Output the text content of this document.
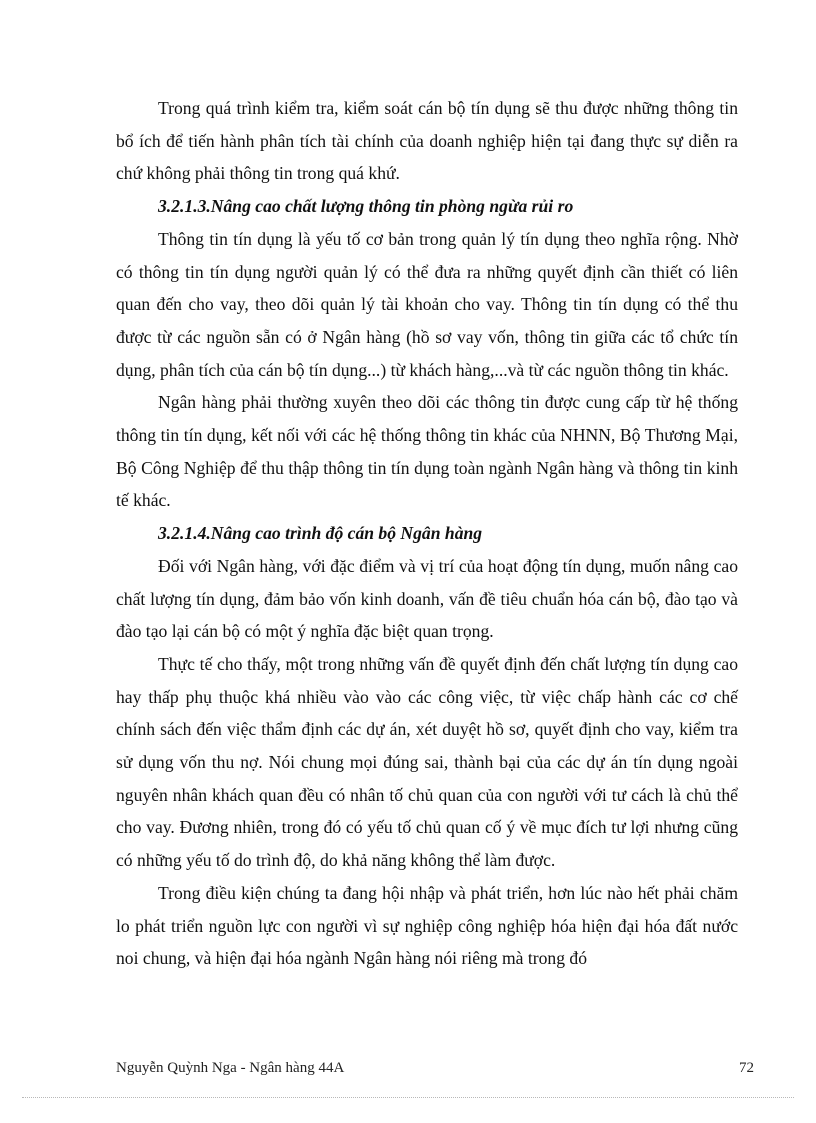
Trong quá trình kiểm tra, kiểm soát cán bộ tín dụng sẽ thu được những thông tin bổ ích để tiến hành phân tích tài chính của doanh nghiệp hiện tại đang thực sự diễn ra chứ không phải thông tin trong quá khứ.

3.2.1.3.Nâng cao chất lượng thông tin phòng ngừa rủi ro

Thông tin tín dụng là yếu tố cơ bản trong quản lý tín dụng theo nghĩa rộng. Nhờ có thông tin tín dụng người quản lý có thể đưa ra những quyết định cần thiết có liên quan đến cho vay, theo dõi quản lý tài khoản cho vay. Thông tin tín dụng có thể thu được từ các nguồn sẵn có ở Ngân hàng (hồ sơ vay vốn, thông tin giữa các tổ chức tín dụng, phân tích của cán bộ tín dụng...) từ khách hàng,...và từ các nguồn thông tin khác.

Ngân hàng phải thường xuyên theo dõi các thông tin được cung cấp từ hệ thống thông tin tín dụng, kết nối với các hệ thống thông tin khác của NHNN, Bộ Thương Mại, Bộ Công Nghiệp để thu thập thông tin tín dụng toàn ngành Ngân hàng và thông tin kinh tế khác.

3.2.1.4.Nâng cao trình độ cán bộ Ngân hàng

Đối với Ngân hàng, với đặc điểm và vị trí của hoạt động tín dụng, muốn nâng cao chất lượng tín dụng, đảm bảo vốn kinh doanh, vấn đề tiêu chuẩn hóa cán bộ, đào tạo và đào tạo lại cán bộ có một ý nghĩa đặc biệt quan trọng.

Thực tế cho thấy, một trong những vấn đề quyết định đến chất lượng tín dụng cao hay thấp phụ thuộc khá nhiều vào vào các công việc, từ việc chấp hành các cơ chế chính sách đến việc thẩm định các dự án, xét duyệt hồ sơ, quyết định cho vay, kiểm tra sử dụng vốn thu nợ. Nói chung mọi đúng sai, thành bại của các dự án tín dụng ngoài nguyên nhân khách quan đều có nhân tố chủ quan của con người với tư cách là chủ thể cho vay. Đương nhiên, trong đó có yếu tố chủ quan cố ý về mục đích tư lợi nhưng cũng có những yếu tố do trình độ, do khả năng không thể làm được.

Trong điều kiện chúng ta đang hội nhập và phát triển, hơn lúc nào hết phải chăm lo phát triển nguồn lực con người vì sự nghiệp công nghiệp hóa hiện đại hóa đất nước noi chung, và hiện đại hóa ngành Ngân hàng nói riêng mà trong đó

Nguyễn Quỳnh Nga - Ngân hàng 44A	72
